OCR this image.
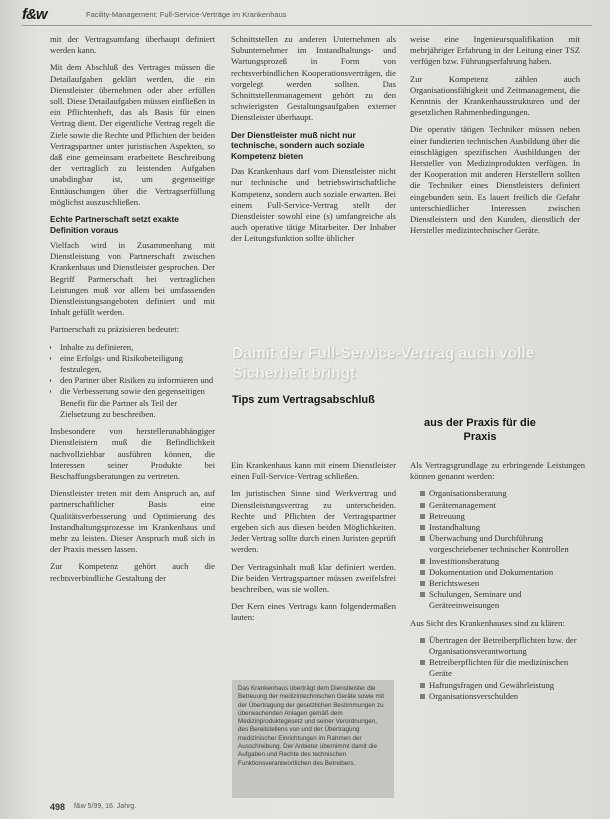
f&w	Facility-Management: Full-Service-Verträge im Krankenhaus

mit der Vertragsumfang überhaupt definiert werden kann.

Mit dem Abschluß des Vertrages müssen die Detailaufgaben geklärt werden, die ein Dienstleister übernehmen oder aber erfüllen soll. Diese Detailaufgaben müssen einfließen in ein Pflichtenheft, das als Basis für einen Vertrag dient. Der eigentliche Vertrag regelt die Ziele sowie die Rechte und Pflichten der beiden Vertragspartner unter juristischen Aspekten, so daß eine gemeinsam erarbeitete Beschreibung der vertraglich zu leistenden Aufgaben unabdingbar ist, um gegenseitige Enttäuschungen über die Vertragserfüllung möglichst auszuschließen.

Echte Partnerschaft setzt exakte Definition voraus

Vielfach wird in Zusammenhang mit Dienstleistung von Partnerschaft zwischen Krankenhaus und Dienstleister gesprochen. Der Begriff Partnerschaft bei vertraglichen Leistungen muß vor allem bei umfassenden Dienstleistungsangeboten definiert und mit Inhalt gefüllt werden.

Partnerschaft zu präzisieren bedeutet:

• Inhalte zu definieren,
• eine Erfolgs- und Risikobeteiligung festzulegen,
• den Partner über Risiken zu informieren und
• die Verbesserung sowie den gegenseitigen Benefit für die Partner als Teil der Zielsetzung zu beschreiben.

Insbesondere von herstellerunabhängiger Dienstleistern muß die Befindlichkeit nachvollziehbar ausführen können, die Interessen seiner Produkte bei Beschaffungsberatungen zu vertreten.

Dienstleister treten mit dem Anspruch an, auf partnerschaftlicher Basis eine Qualitätsverbesserung und Optimierung des Instandhaltungsprozesse im Krankenhaus und mehr zu leisten. Dieser Anspruch muß sich in der Praxis messen lassen.

Zur Kompetenz gehört auch die rechtsverbindliche Gestaltung der

Schnittstellen zu anderen Unternehmen als Subunternehmer im Instandhaltungs- und Wartungsprozeß in Form von rechtsverbindlichen Kooperationsverträgen, die vorgelegt werden sollten. Das Schnittstellenmanagement gehört zu den schwierigsten Gestaltungsaufgaben externer Dienstleister überhaupt.

Der Dienstleister muß nicht nur technische, sondern auch soziale Kompetenz bieten

Das Krankenhaus darf vom Dienstleister nicht nur technische und betriebswirtschaftliche Kompetenz, sondern auch soziale erwarten. Bei einem Full-Service-Vertrag stellt der Dienstleister sowohl eine (s) umfangreiche als auch operative tätige Mitarbeiter. Der Inhaber der Leitungsfunktion sollte üblicher

weise eine Ingenieursqualifikation mit mehrjähriger Erfahrung in der Leitung einer TSZ verfügen bzw. Führungserfahrung haben.

Zur Kompetenz zählen auch Organisationsfähigkeit und Zeitmanagement, die Kenntnis der Krankenhausstrukturen und der gesetzlichen Rahmenbedingungen.

Die operativ tätigen Techniker müssen neben einer fundierten technischen Ausbildung über die einschlägigen spezifischen Ausbildungen der Hersteller von Medizinprodukten verfügen. In der Kooperation mit anderen Herstellern sollten die Techniker eines Dienstleisters definiert eingebunden sein. Es lauert freilich die Gefahr unterschiedlicher Interessen zwischen Dienstleistern und den Kunden, dienstlich der Hersteller medizintechnischer Geräte.

Damit der Full-Service-Vertrag auch volle Sicherheit bringt
Tips zum Vertragsabschluß
aus der Praxis für die Praxis

Ein Krankenhaus kann mit einem Dienstleister einen Full-Service-Vertrag schließen.

Im juristischen Sinne sind Werkvertrag und Dienstleistungsvertrag zu unterscheiden. Rechte und Pflichten der Vertragspartner ergeben sich aus diesen beiden Möglichkeiten. Jeder Vertrag sollte durch einen Juristen geprüft werden.

Der Vertragsinhalt muß klar definiert werden. Die beiden Vertragspartner müssen zweifelsfrei beschreiben, was sie wollen.

Der Kern eines Vertrags kann folgendermaßen lauten:

Das Krankenhaus überträgt dem Dienstleister die Betreuung der medizintechnischen Geräte sowie mit der Übertragung der gesetzlichen Bestimmungen zu überwachenden Anlagen gemäß dem Medizinproduktegesetz und seiner Verordnungen, des Bereitstellens von und der Übertragung medizinischer Einrichtungen im Rahmen der Ausschreibung. Der Anbieter übernimmt damit die Aufgaben und Rechte des technischen Funktionsverantwortlichen des Betreibers.

Als Vertragsgrundlage zu erbringende Leistungen können genannt werden:

Organisationsberatung
Gerätemanagement
Betreuung
Instandhaltung
Überwachung und Durchführung vorgeschriebener technischer Kontrollen
Investitionsberatung
Dokumentation und Dokumentation
Berichtswesen
Schulungen, Seminare und Geräteeinweisungen

Aus Sicht des Krankenhauses sind zu klären:

Übertragen der Betreiberpflichten bzw. der Organisationsverantwortung
Betreiberpflichten für die medizinischen Geräte
Haftungsfragen und Gewährleistung
Organisationsverschulden
498 f&w 5/99, 16. Jahrg.
